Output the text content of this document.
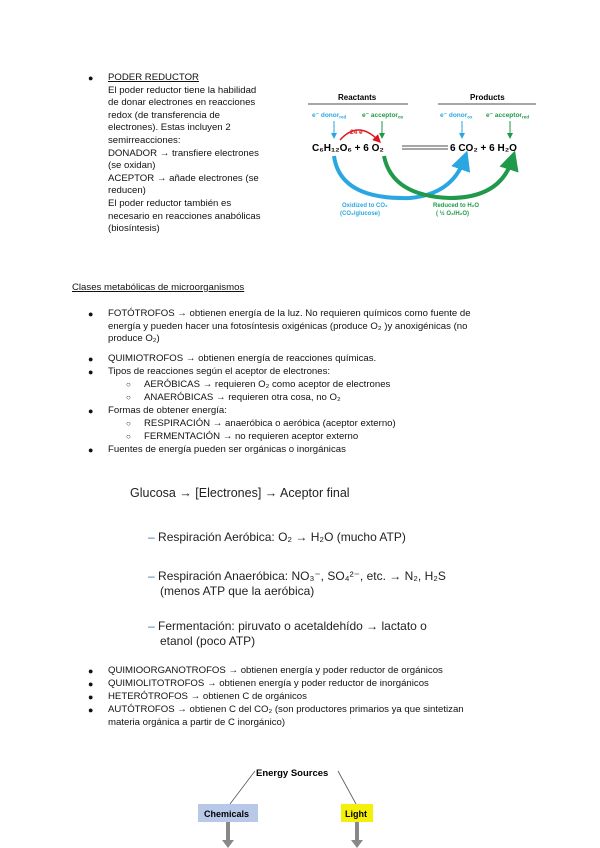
● PODER REDUCTOR
El poder reductor tiene la habilidad
de donar electrones en reacciones
redox (de transferencia de
electrones). Estas incluyen 2
semirreacciones:
DONADOR → transfiere electrones
(se oxidan)
ACEPTOR → añade electrones (se
reducen)
El poder reductor también es
necesario en reacciones anabólicas
(biosíntesis)
Reactants	Products
e⁻ donor$_{red}$ e⁻ acceptor$_{ox}$	e⁻ donor$_{ox}$ e⁻ acceptor$_{red}$
24 e⁻
C₆H₁₂O₆ + 6 O₂	6 CO₂ + 6 H₂O
Oxidized to CO₂
(CO₂/glucose)
Reduced to H₂O
( ½ O₂/H₂O)
Clases metabólicas de microorganismos
● FOTÓTROFOS → obtienen energía de la luz. No requieren químicos como fuente de
energía y pueden hacer una fotosíntesis oxigénicas (produce O₂ )y anoxigénicas (no
produce O₂)
● QUIMIOTROFOS → obtienen energía de reacciones químicas.
● Tipos de reacciones según el aceptor de electrones:
○ AERÓBICAS → requieren O₂ como aceptor de electrones
○ ANAERÓBICAS → requieren otra cosa, no O₂
● Formas de obtener energía:
○ RESPIRACIÓN → anaeróbica o aeróbica (aceptor externo)
○ FERMENTACIÓN → no requieren aceptor externo
● Fuentes de energía pueden ser orgánicas o inorgánicas
Glucosa → [Electrones] → Aceptor final
– Respiración Aeróbica: O₂ → H₂O (mucho ATP)
– Respiración Anaeróbica: NO₃⁻, SO₄²⁻, etc. → N₂, H₂S
(menos ATP que la aeróbica)
– Fermentación: piruvato o acetaldehído → lactato o
etanol (poco ATP)
● QUIMIOORGANOTROFOS → obtienen energía y poder reductor de orgánicos
● QUIMIOLITOTROFOS → obtienen energía y poder reductor de inorgánicos
● HETERÓTROFOS → obtienen C de orgánicos
● AUTÓTROFOS → obtienen C del CO₂ (son productores primarios ya que sintetizan
materia orgánica a partir de C inorgánico)
Energy Sources
Chemicals	Light
